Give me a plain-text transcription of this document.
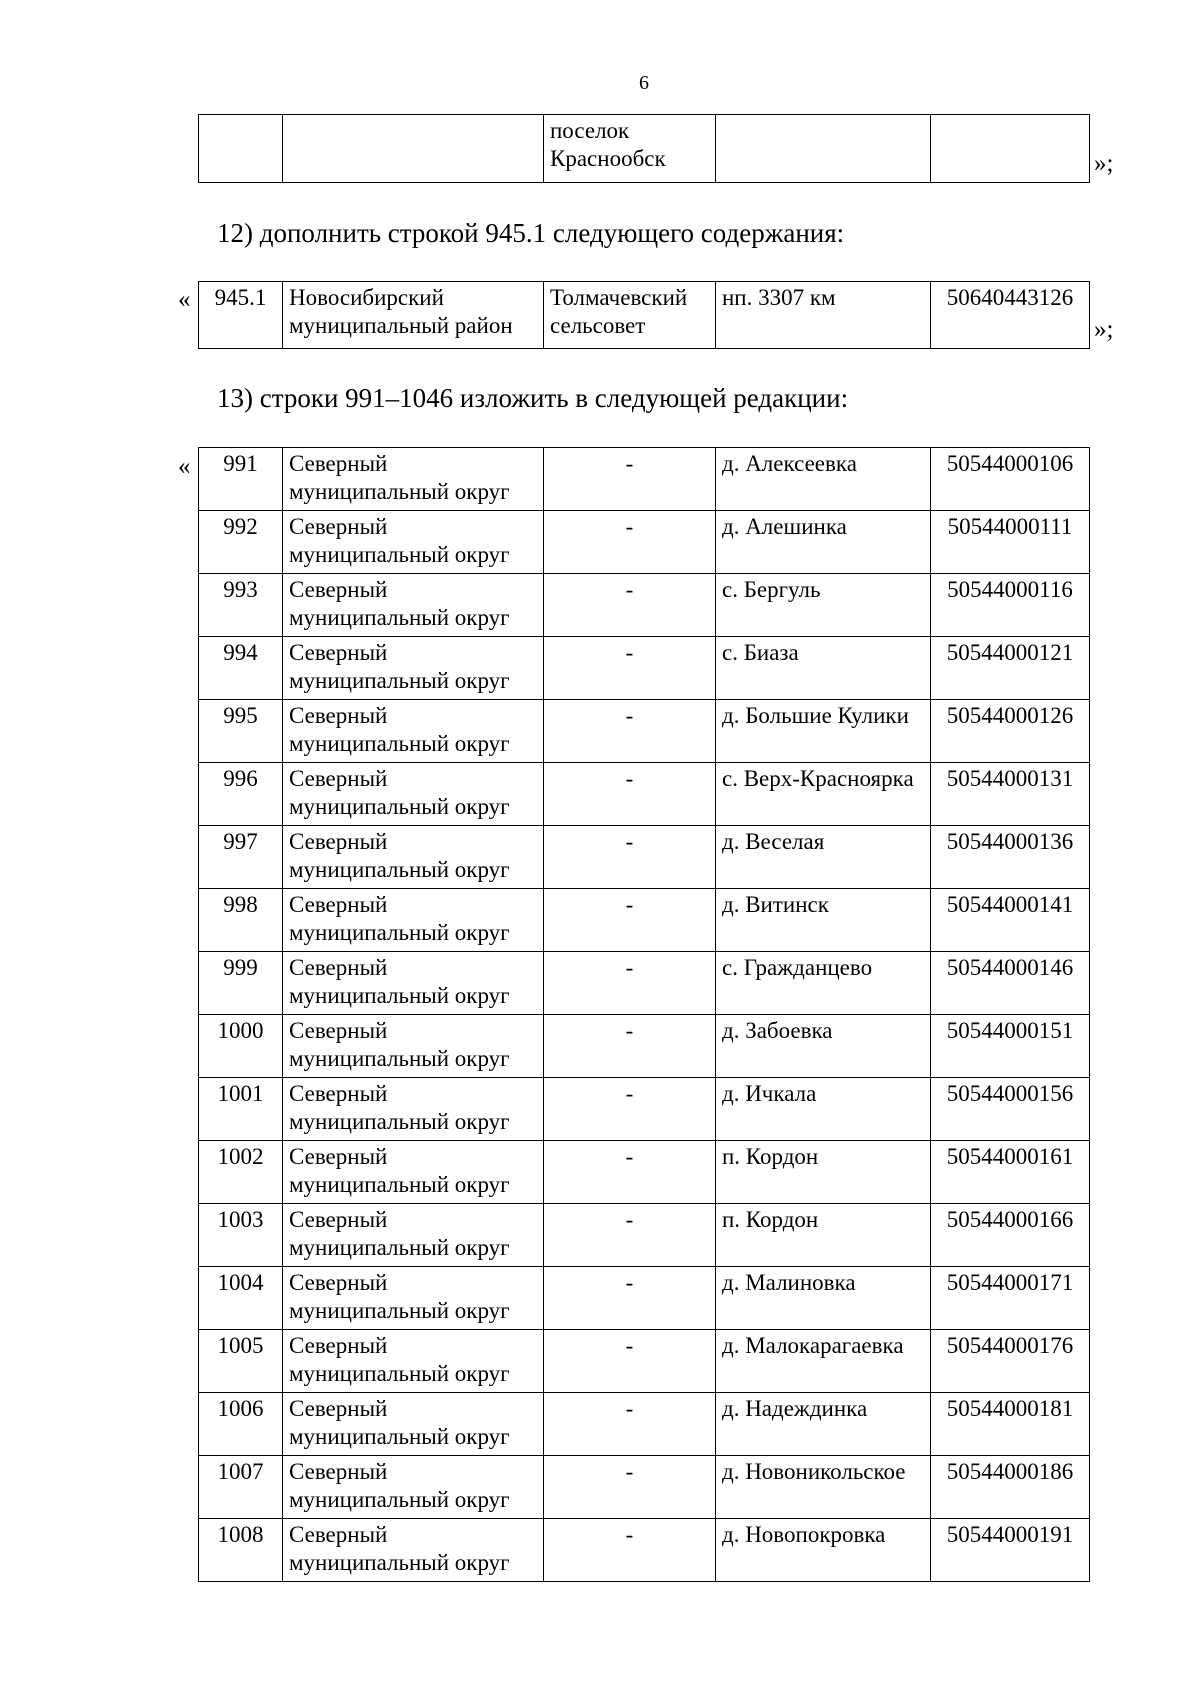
6
		поселок Краснообск			»;
12) дополнить строкой 945.1 следующего содержания:
« 945.1	Новосибирский муниципальный район	Толмачевский сельсовет	нп. 3307 км	50640443126
»;
13) строки 991–1046 изложить в следующей редакции:
« 991	Северный муниципальный округ	-	д. Алексеевка	50544000106
992	Северный муниципальный округ	-	д. Алешинка	50544000111
993	Северный муниципальный округ	-	с. Бергуль	50544000116
994	Северный муниципальный округ	-	с. Биаза	50544000121
995	Северный муниципальный округ	-	д. Большие Кулики	50544000126
996	Северный муниципальный округ	-	с. Верх-Красноярка	50544000131
997	Северный муниципальный округ	-	д. Веселая	50544000136
998	Северный муниципальный округ	-	д. Витинск	50544000141
999	Северный муниципальный округ	-	с. Гражданцево	50544000146
1000	Северный муниципальный округ	-	д. Забоевка	50544000151
1001	Северный муниципальный округ	-	д. Ичкала	50544000156
1002	Северный муниципальный округ	-	п. Кордон	50544000161
1003	Северный муниципальный округ	-	п. Кордон	50544000166
1004	Северный муниципальный округ	-	д. Малиновка	50544000171
1005	Северный муниципальный округ	-	д. Малокарагаевка	50544000176
1006	Северный муниципальный округ	-	д. Надеждинка	50544000181
1007	Северный муниципальный округ	-	д. Новоникольское	50544000186
1008	Северный муниципальный округ	-	д. Новопокровка	50544000191
